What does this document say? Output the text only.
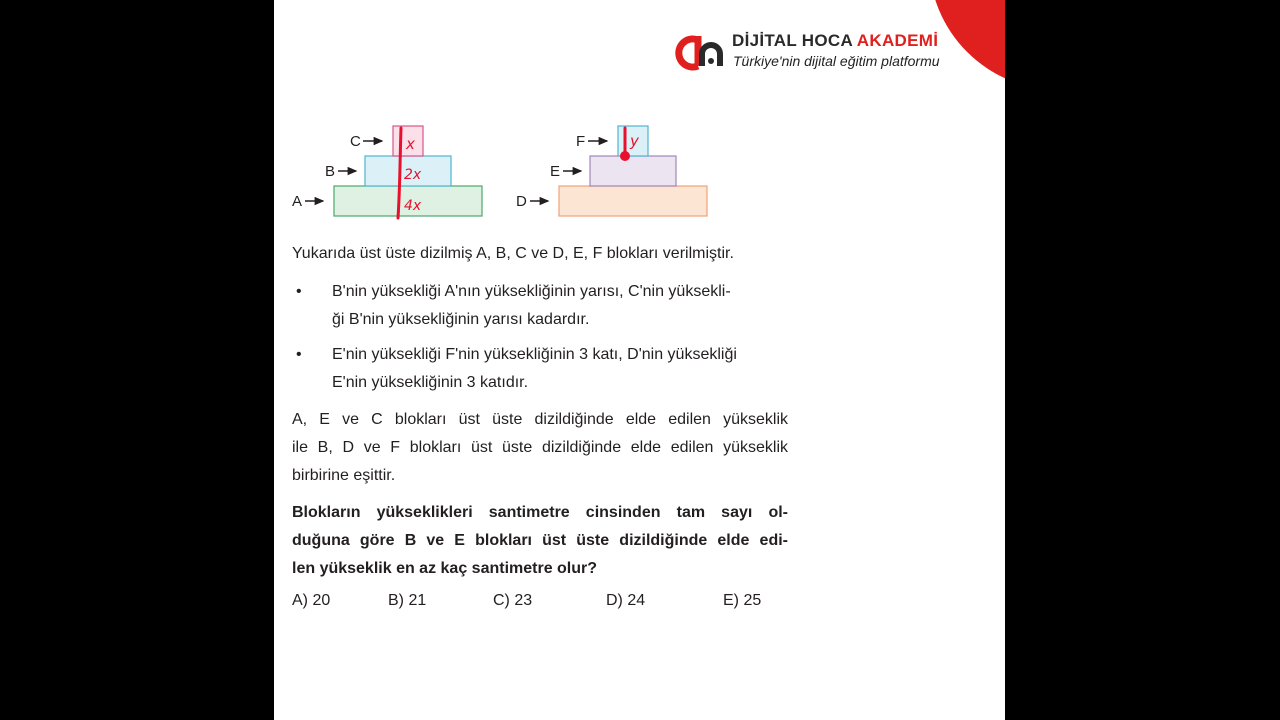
DİJİTAL HOCA AKADEMİ
Türkiye'nin dijital eğitim platformu
C
B
A
x
2x
4x
F
E
D
y

Yukarıda üst üste dizilmiş A, B, C ve D, E, F blokları verilmiştir.

• B'nin yüksekliği A'nın yüksekliğinin yarısı, C'nin yüksekli-
ği B'nin yüksekliğinin yarısı kadardır.

• E'nin yüksekliği F'nin yüksekliğinin 3 katı, D'nin yüksekliği
E'nin yüksekliğinin 3 katıdır.

A, E ve C blokları üst üste dizildiğinde elde edilen yükseklik
ile B, D ve F blokları üst üste dizildiğinde elde edilen yükseklik
birbirine eşittir.

Blokların yükseklikleri santimetre cinsinden tam sayı ol-
duğuna göre B ve E blokları üst üste dizildiğinde elde edi-
len yükseklik en az kaç santimetre olur?

A) 20	B) 21	C) 23	D) 24	E) 25
